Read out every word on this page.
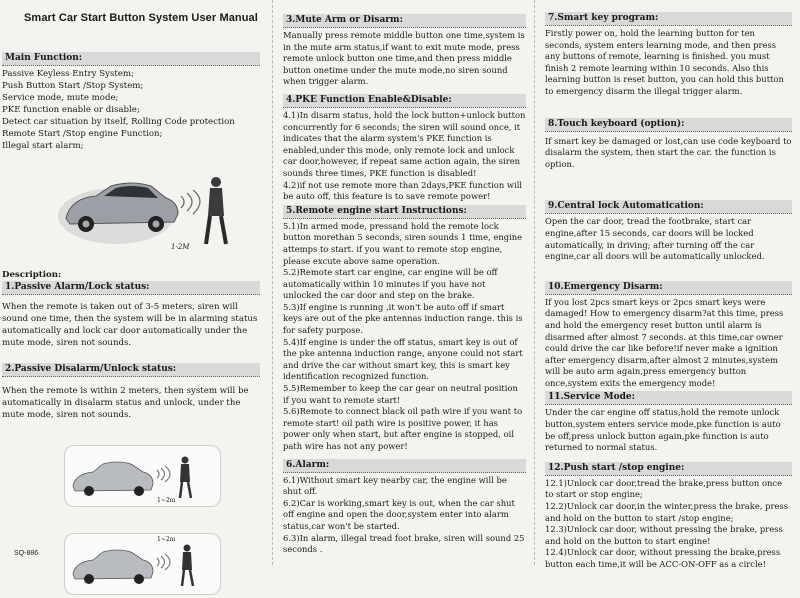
Smart Car Start Button System User Manual
Main Function:
Passive Keyless Entry System;
Push Button Start /Stop System;
Service mode, mute mode;
PKE function enable or disable;
Detect car situation by itself, Rolling Code protection
Remote Start /Stop engine Function;
Illegal start alarm;
1-2M
Description:
1.Passive Alarm/Lock status:
When the remote is taken out of 3-5 meters, siren will sound one time, then the system will be in alarming status automatically and lock car door automatically under the mute mode, siren not sounds.
2.Passive Disalarm/Unlock status:
When the remote is within 2 meters, then system will be automatically in disalarm status and unlock, under the mute mode, siren not sounds.
1~2m
1~2m
SQ-886
3.Mute Arm or Disarm:
Manually press remote middle button one time,system is in the mute arm status,if want to exit mute mode, press remote unlock button one time,and then press middle button onetime under the mute mode,no siren sound when trigger alarm.
4.PKE Function Enable&Disable:
4.1)In disarm status, hold the lock button+unlock button concurrently for 6 seconds; the siren will sound once, it indicates that the alarm system's PKE function is enabled,under this mode, only remote lock and unlock car door,however, if repeat same action again, the siren sounds three times, PKE function is disabled!
4.2)if not use remote more than 2days,PKE function will be auto off, this feature is to save remote power!
5.Remote engine start Instructions:
5.1)In armed mode, pressand hold the remote lock button morethan 5 seconds, siren sounds 1 time, engine attemps to start. if you want to remote stop engine, please excute above same operation.
5.2)Remote start car engine, car engine will be off automatically within 10 minutes if you have not unlocked the car door and step on the brake.
5.3)If engine is running ,it won't be auto off if smart keys are out of the pke antennas induction range. this is for safety purpose.
5.4)If engine is under the off status, smart key is out of the pke antenna induction range, anyone could not start and drive the car without smart key, this is smart key identification recognized function.
5.5)Remember to keep the car gear on neutral position if you want to remote start!
5.6)Remote to connect black oil path wire if you want to remote start! oil path wire is positive power, it has power only when start, but after engine is stopped, oil path wire has not any power!
6.Alarm:
6.1)Without smart key nearby car, the engine will be shut off.
6.2)Car is working,smart key is out, when the car shut off engine and open the door,system enter into alarm status,car won't be started.
6.3)In alarm, illegal tread foot brake, siren will sound 25 seconds .
7.Smart key program:
Firstly power on, hold the learning button for ten seconds, system enters learning mode, and then press any buttons of remote, learning is finished. you must finish 2 remote learning within 10 seconds. Also this learning button is reset button, you can hold this button to emergency disarm the illegal trigger alarm.
8.Touch keyboard (option):
If smart key be damaged or lost,can use code keyboard to disalarm the system, then start the car. the function is option.
9.Central lock Automatication:
Open the car door, tread the footbrake, start car engine,after 15 seconds, car doors will be locked automatically, in driving; after turning off the car engine,car all doors will be automatically unlocked.
10.Emergency Disarm:
If you lost 2pcs smart keys or 2pcs smart keys were damaged! How to emergency disarm?at this time, press and hold the emergency reset button until alarm is disarmed after almost 7 seconds. at this time,car owner could drive the car like before!if never make a ignition after emergency disarm,after almost 2 minutes,system will be auto arm again,press emergency button once,system exits the emergency mode!
11.Service Mode:
Under the car engine off status,hold the remote unlock button,system enters service mode,pke function is auto be off,press unlock button again,pke function is auto returned to normal status.
12.Push start /stop engine:
12.1)Unlock car door,tread the brake,press button once to start or stop engine;
12.2)Unlock car door,in the winter,press the brake, press and hold on the button to start /stop engine;
12.3)Unlock car door, without pressing the brake, press and hold on the button to start engine!
12.4)Unlock car door, without pressing the brake,press button each time,it will be ACC-ON-OFF as a circle!
